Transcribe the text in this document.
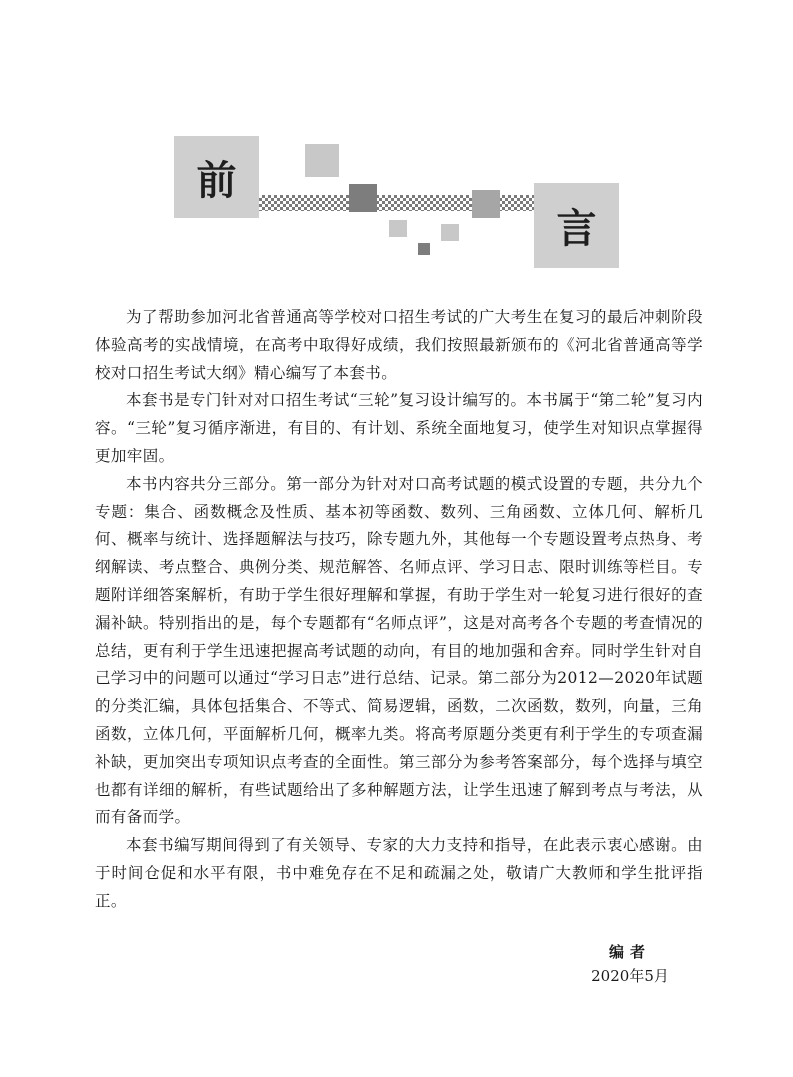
前
言

为了帮助参加河北省普通高等学校对口招生考试的广大考生在复习的最后冲刺阶段体验高考的实战情境，在高考中取得好成绩，我们按照最新颁布的《河北省普通高等学校对口招生考试大纲》精心编写了本套书。

本套书是专门针对对口招生考试“三轮”复习设计编写的。本书属于“第二轮”复习内容。“三轮”复习循序渐进，有目的、有计划、系统全面地复习，使学生对知识点掌握得更加牢固。

本书内容共分三部分。第一部分为针对对口高考试题的模式设置的专题，共分九个专题：集合、函数概念及性质、基本初等函数、数列、三角函数、立体几何、解析几何、概率与统计、选择题解法与技巧，除专题九外，其他每一个专题设置考点热身、考纲解读、考点整合、典例分类、规范解答、名师点评、学习日志、限时训练等栏目。专题附详细答案解析，有助于学生很好理解和掌握，有助于学生对一轮复习进行很好的查漏补缺。特别指出的是，每个专题都有“名师点评”，这是对高考各个专题的考查情况的总结，更有利于学生迅速把握高考试题的动向，有目的地加强和舍弃。同时学生针对自己学习中的问题可以通过“学习日志”进行总结、记录。第二部分为2012—2020年试题的分类汇编，具体包括集合、不等式、简易逻辑，函数，二次函数，数列，向量，三角函数，立体几何，平面解析几何，概率九类。将高考原题分类更有利于学生的专项查漏补缺，更加突出专项知识点考查的全面性。第三部分为参考答案部分，每个选择与填空也都有详细的解析，有些试题给出了多种解题方法，让学生迅速了解到考点与考法，从而有备而学。

本套书编写期间得到了有关领导、专家的大力支持和指导，在此表示衷心感谢。由于时间仓促和水平有限，书中难免存在不足和疏漏之处，敬请广大教师和学生批评指正。

编者
2020年5月
